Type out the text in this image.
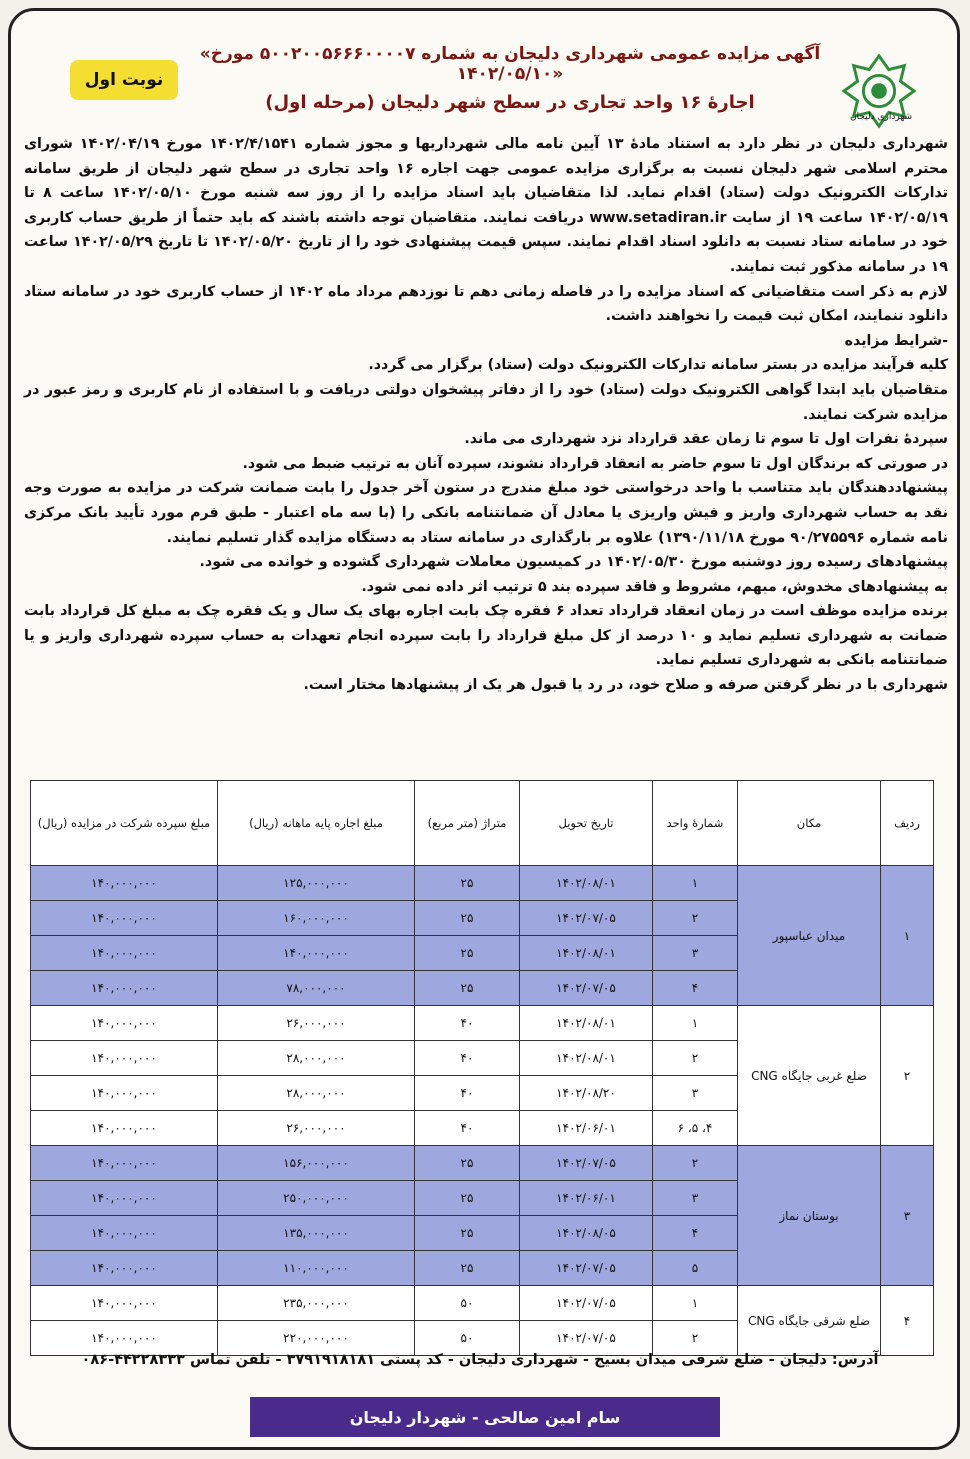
شهرداری دلیجان
نوبت اول
«آگهی مزایده عمومی شهرداری دلیجان به شماره ۵۰۰۲۰۰۵۶۶۶۰۰۰۰۷ مورخ ۱۴۰۲/۰۵/۱۰»
اجارهٔ ۱۶ واحد تجاری در سطح شهر دلیجان (مرحله اول)

شهرداری دلیجان در نظر دارد به استناد مادهٔ ۱۳ آیین نامه مالی شهرداریها و مجوز شماره ۱۴۰۲/۴/۱۵۴۱ مورخ ۱۴۰۲/۰۴/۱۹ شورای محترم اسلامی شهر دلیجان نسبت به برگزاری مزایده عمومی جهت اجاره ۱۶ واحد تجاری در سطح شهر دلیجان از طریق سامانه تدارکات الکترونیک دولت (ستاد) اقدام نماید. لذا متقاضیان باید اسناد مزایده را از روز سه شنبه مورخ ۱۴۰۲/۰۵/۱۰ ساعت ۸ تا ۱۴۰۲/۰۵/۱۹ ساعت ۱۹ از سایت www.setadiran.ir دریافت نمایند. متقاضیان توجه داشته باشند که باید حتماً از طریق حساب کاربری خود در سامانه ستاد نسبت به دانلود اسناد اقدام نمایند. سپس قیمت پیشنهادی خود را از تاریخ ۱۴۰۲/۰۵/۲۰ تا تاریخ ۱۴۰۲/۰۵/۲۹ ساعت ۱۹ در سامانه مذکور ثبت نمایند.

لازم به ذکر است متقاضیانی که اسناد مزایده را در فاصله زمانی دهم تا نوزدهم مرداد ماه ۱۴۰۲ از حساب کاربری خود در سامانه ستاد دانلود ننمایند، امکان ثبت قیمت را نخواهند داشت.

-شرایط مزایده

کلیه فرآیند مزایده در بستر سامانه تدارکات الکترونیک دولت (ستاد) برگزار می گردد.

متقاضیان باید ابتدا گواهی الکترونیک دولت (ستاد) خود را از دفاتر پیشخوان دولتی دریافت و با استفاده از نام کاربری و رمز عبور در مزایده شرکت نمایند.

سپردهٔ نفرات اول تا سوم تا زمان عقد قرارداد نزد شهرداری می ماند.

در صورتی که برندگان اول تا سوم حاضر به انعقاد قرارداد نشوند، سپرده آنان به ترتیب ضبط می شود.

پیشنهاددهندگان باید متناسب با واحد درخواستی خود مبلغ مندرج در ستون آخر جدول را بابت ضمانت شرکت در مزایده به صورت وجه نقد به حساب شهرداری واریز و فیش واریزی یا معادل آن ضمانتنامه بانکی را (با سه ماه اعتبار - طبق فرم مورد تأیید بانک مرکزی نامه شماره ۹۰/۲۷۵۵۹۶ مورخ ۱۳۹۰/۱۱/۱۸) علاوه بر بارگذاری در سامانه ستاد به دستگاه مزایده گذار تسلیم نمایند.

پیشنهادهای رسیده روز دوشنبه مورخ ۱۴۰۲/۰۵/۳۰ در کمیسیون معاملات شهرداری گشوده و خوانده می شود.

به پیشنهادهای مخدوش، مبهم، مشروط و فاقد سپرده بند ۵ ترتیب اثر داده نمی شود.

برنده مزایده موظف است در زمان انعقاد قرارداد تعداد ۶ فقره چک بابت اجاره بهای یک سال و یک فقره چک به مبلغ کل قرارداد بابت ضمانت به شهرداری تسلیم نماید و ۱۰ درصد از کل مبلغ قرارداد را بابت سپرده انجام تعهدات به حساب سپرده شهرداری واریز و یا ضمانتنامه بانکی به شهرداری تسلیم نماید.

شهرداری با در نظر گرفتن صرفه و صلاح خود، در رد یا قبول هر یک از پیشنهادها مختار است.

ردیف	مکان	شمارهٔ واحد	تاریخ تحویل	متراژ (متر مربع)	مبلغ اجاره پایه ماهانه (ریال)	مبلغ سپرده شرکت در مزایده (ریال)
۱	میدان عباسپور	۱	۱۴۰۲/۰۸/۰۱	۲۵	۱۲۵,۰۰۰,۰۰۰	۱۴۰,۰۰۰,۰۰۰
		۲	۱۴۰۲/۰۷/۰۵	۲۵	۱۶۰,۰۰۰,۰۰۰	۱۴۰,۰۰۰,۰۰۰
		۳	۱۴۰۲/۰۸/۰۱	۲۵	۱۴۰,۰۰۰,۰۰۰	۱۴۰,۰۰۰,۰۰۰
		۴	۱۴۰۲/۰۷/۰۵	۲۵	۷۸,۰۰۰,۰۰۰	۱۴۰,۰۰۰,۰۰۰
۲	ضلع غربی جایگاه CNG	۱	۱۴۰۲/۰۸/۰۱	۴۰	۲۶,۰۰۰,۰۰۰	۱۴۰,۰۰۰,۰۰۰
		۲	۱۴۰۲/۰۸/۰۱	۴۰	۲۸,۰۰۰,۰۰۰	۱۴۰,۰۰۰,۰۰۰
		۳	۱۴۰۲/۰۸/۲۰	۴۰	۲۸,۰۰۰,۰۰۰	۱۴۰,۰۰۰,۰۰۰
		۴، ۵، ۶	۱۴۰۲/۰۶/۰۱	۴۰	۲۶,۰۰۰,۰۰۰	۱۴۰,۰۰۰,۰۰۰
۳	بوستان نماز	۲	۱۴۰۲/۰۷/۰۵	۲۵	۱۵۶,۰۰۰,۰۰۰	۱۴۰,۰۰۰,۰۰۰
		۳	۱۴۰۲/۰۶/۰۱	۲۵	۲۵۰,۰۰۰,۰۰۰	۱۴۰,۰۰۰,۰۰۰
		۴	۱۴۰۲/۰۸/۰۵	۲۵	۱۳۵,۰۰۰,۰۰۰	۱۴۰,۰۰۰,۰۰۰
		۵	۱۴۰۲/۰۷/۰۵	۲۵	۱۱۰,۰۰۰,۰۰۰	۱۴۰,۰۰۰,۰۰۰
۴	ضلع شرقی جایگاه CNG	۱	۱۴۰۲/۰۷/۰۵	۵۰	۲۳۵,۰۰۰,۰۰۰	۱۴۰,۰۰۰,۰۰۰
		۲	۱۴۰۲/۰۷/۰۵	۵۰	۲۲۰,۰۰۰,۰۰۰	۱۴۰,۰۰۰,۰۰۰
آدرس: دلیجان - ضلع شرقی میدان بسیج - شهرداری دلیجان - کد پستی ۳۷۹۱۹۱۸۱۸۱ - تلفن تماس ۴۴۲۲۸۳۳۳-۰۸۶
سام امین صالحی - شهردار دلیجان
